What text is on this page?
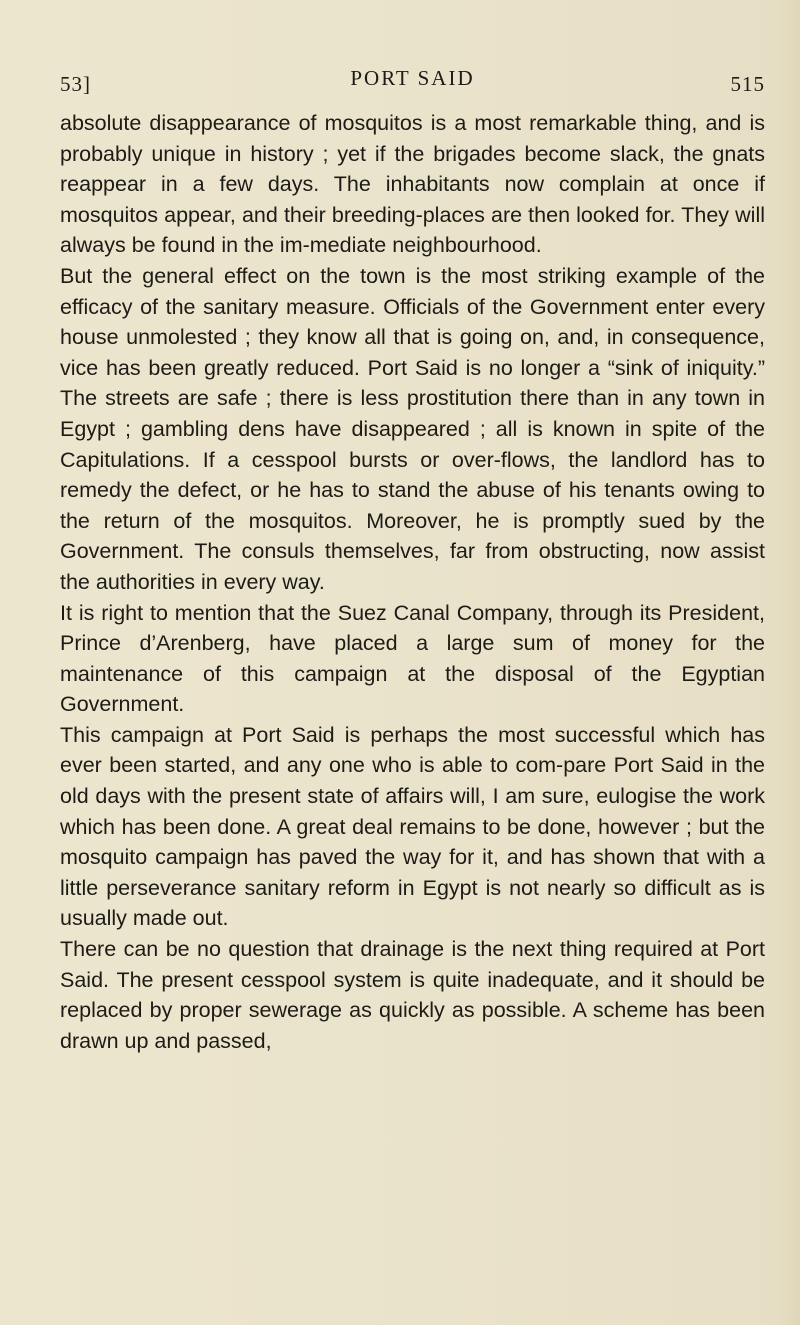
53]	PORT SAID	515

absolute disappearance of mosquitos is a most remarkable thing, and is probably unique in history ; yet if the brigades become slack, the gnats reappear in a few days. The inhabitants now complain at once if mosquitos appear, and their breeding-places are then looked for. They will always be found in the im-mediate neighbourhood.

But the general effect on the town is the most striking example of the efficacy of the sanitary measure. Officials of the Government enter every house unmolested ; they know all that is going on, and, in consequence, vice has been greatly reduced. Port Said is no longer a “sink of iniquity.” The streets are safe ; there is less prostitution there than in any town in Egypt ; gambling dens have disappeared ; all is known in spite of the Capitulations. If a cesspool bursts or over-flows, the landlord has to remedy the defect, or he has to stand the abuse of his tenants owing to the return of the mosquitos. Moreover, he is promptly sued by the Government. The consuls themselves, far from obstructing, now assist the authorities in every way.

It is right to mention that the Suez Canal Company, through its President, Prince d’Arenberg, have placed a large sum of money for the maintenance of this campaign at the disposal of the Egyptian Government.

This campaign at Port Said is perhaps the most successful which has ever been started, and any one who is able to com-pare Port Said in the old days with the present state of affairs will, I am sure, eulogise the work which has been done. A great deal remains to be done, however ; but the mosquito campaign has paved the way for it, and has shown that with a little perseverance sanitary reform in Egypt is not nearly so difficult as is usually made out.

There can be no question that drainage is the next thing required at Port Said. The present cesspool system is quite inadequate, and it should be replaced by proper sewerage as quickly as possible. A scheme has been drawn up and passed,
